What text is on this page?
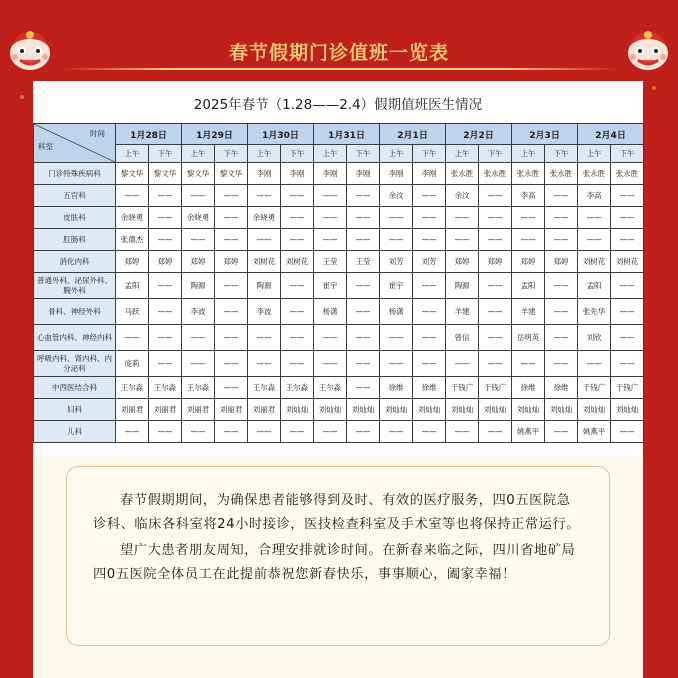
春节假期门诊值班一览表
2025年春节（1.28——2.4）假期值班医生情况
科室
时间	1月28日		1月29日		1月30日		1月31日		2月1日		2月2日		2月3日		2月4日	
	上午	下午	上午	下午	上午	下午	上午	下午	上午	下午	上午	下午	上午	下午	上午	下午
门诊特殊疾病科	黎文华	黎文华	黎文华	黎文华	李刚	李刚	李刚	李刚	李刚	李刚	张永胜	张永胜	张永胜	张永胜	张永胜	张永胜
五官科	——	——	——	——	——	——	——	——	余汶	——	余汶	——	李高	——	李高	——
皮肤科	余晓勇	——	余晓勇	——	余晓勇	——	——	——	——	——	——	——	——	——	——	——
肛肠科	张德杰	——	——	——	——	——	——	——	——	——	——	——	——	——	——	——
消化内科	郑婷	郑婷	郑婷	郑婷	刘树花	刘树花	王莹	王莹	刘芳	刘芳	郑婷	郑婷	郑婷	郑婷	刘树花	刘树花
普通外科、泌尿外科、胸外科	孟阳	——	陶源	——	陶源	——	崔宇	——	崔宇	——	陶源	——	孟阳	——	孟阳	——
骨科、神经外科	马跃	——	李波	——	李波	——	杨潇	——	杨潇	——	羊建	——	羊建	——	张先华	——
心血管内科、神经内科	——	——	——	——	——	——	——	——	——	——	曾信	——	岳明英	——	刘欣	——
呼吸内科、肾内科、内分泌科	庞莉	——	——	——	——	——	——	——	——	——	——	——	——	——	——	——
中西医结合科	王尔淼	王尔淼	王尔淼	——	王尔淼	王尔淼	王尔淼	——	徐维	徐维	于钱广	于钱广	徐维	徐维	于钱广	于钱广
妇科	刘丽君	刘丽君	刘丽君	刘丽君	刘丽君	刘灿灿	刘灿灿	刘灿灿	刘灿灿	刘灿灿	刘灿灿	刘灿灿	刘灿灿	刘灿灿	刘灿灿	刘灿灿
儿科	——	——	——	——	——	——	——	——	——	——	——	——	姚燕平	——	姚燕平	——

春节假期期间，为确保患者能够得到及时、有效的医疗服务，四0五医院急诊科、临床各科室将24小时接诊，医技检查科室及手术室等也将保持正常运行。

望广大患者朋友周知，合理安排就诊时间。在新春来临之际，四川省地矿局四0五医院全体员工在此提前恭祝您新春快乐，事事顺心，阖家幸福！
